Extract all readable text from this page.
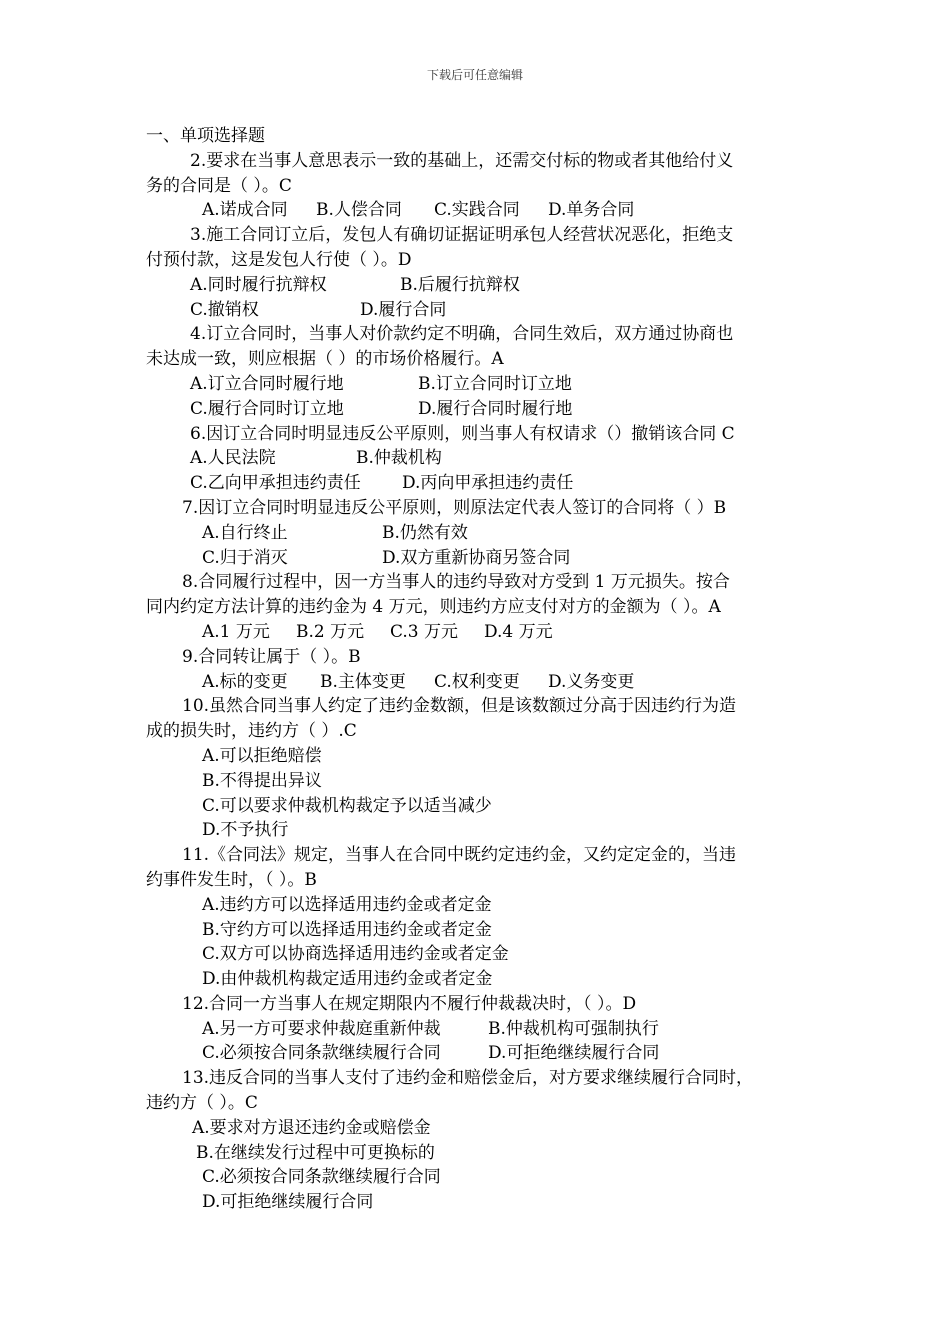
下载后可任意编辑
一、单项选择题
2.要求在当事人意思表示一致的基础上，还需交付标的物或者其他给付义
务的合同是（ ）。C
A.诺成合同 B.人偿合同 C.实践合同 D.单务合同
3.施工合同订立后，发包人有确切证据证明承包人经营状况恶化，拒绝支
付预付款，这是发包人行使（ ）。D
A.同时履行抗辩权	B.后履行抗辩权
C.撤销权	D.履行合同
4.订立合同时，当事人对价款约定不明确，合同生效后，双方通过协商也
未达成一致，则应根据（ ）的市场价格履行。A
A.订立合同时履行地	B.订立合同时订立地
C.履行合同时订立地	D.履行合同时履行地
6.因订立合同时明显违反公平原则，则当事人有权请求（）撤销该合同 C
A.人民法院	B.仲裁机构
C.乙向甲承担违约责任 D.丙向甲承担违约责任
7.因订立合同时明显违反公平原则，则原法定代表人签订的合同将（ ）B
A.自行终止	B.仍然有效
C.归于消灭	D.双方重新协商另签合同
8.合同履行过程中，因一方当事人的违约导致对方受到 1 万元损失。按合
同内约定方法计算的违约金为 4 万元，则违约方应支付对方的金额为（ ）。A
A.1 万元 B.2 万元 C.3 万元 D.4 万元
9.合同转让属于（ ）。B
A.标的变更 B.主体变更 C.权利变更 D.义务变更
10.虽然合同当事人约定了违约金数额，但是该数额过分高于因违约行为造
成的损失时，违约方（ ）.C
A.可以拒绝赔偿
B.不得提出异议
C.可以要求仲裁机构裁定予以适当减少
D.不予执行
11.《合同法》规定，当事人在合同中既约定违约金，又约定定金的，当违
约事件发生时，（ ）。B
A.违约方可以选择适用违约金或者定金
B.守约方可以选择适用违约金或者定金
C.双方可以协商选择适用违约金或者定金
D.由仲裁机构裁定适用违约金或者定金
12.合同一方当事人在规定期限内不履行仲裁裁决时，（ ）。D
A.另一方可要求仲裁庭重新仲裁	B.仲裁机构可强制执行
C.必须按合同条款继续履行合同	D.可拒绝继续履行合同
13.违反合同的当事人支付了违约金和赔偿金后，对方要求继续履行合同时，
违约方（ ）。C
A.要求对方退还违约金或赔偿金
B.在继续发行过程中可更换标的
C.必须按合同条款继续履行合同
D.可拒绝继续履行合同
